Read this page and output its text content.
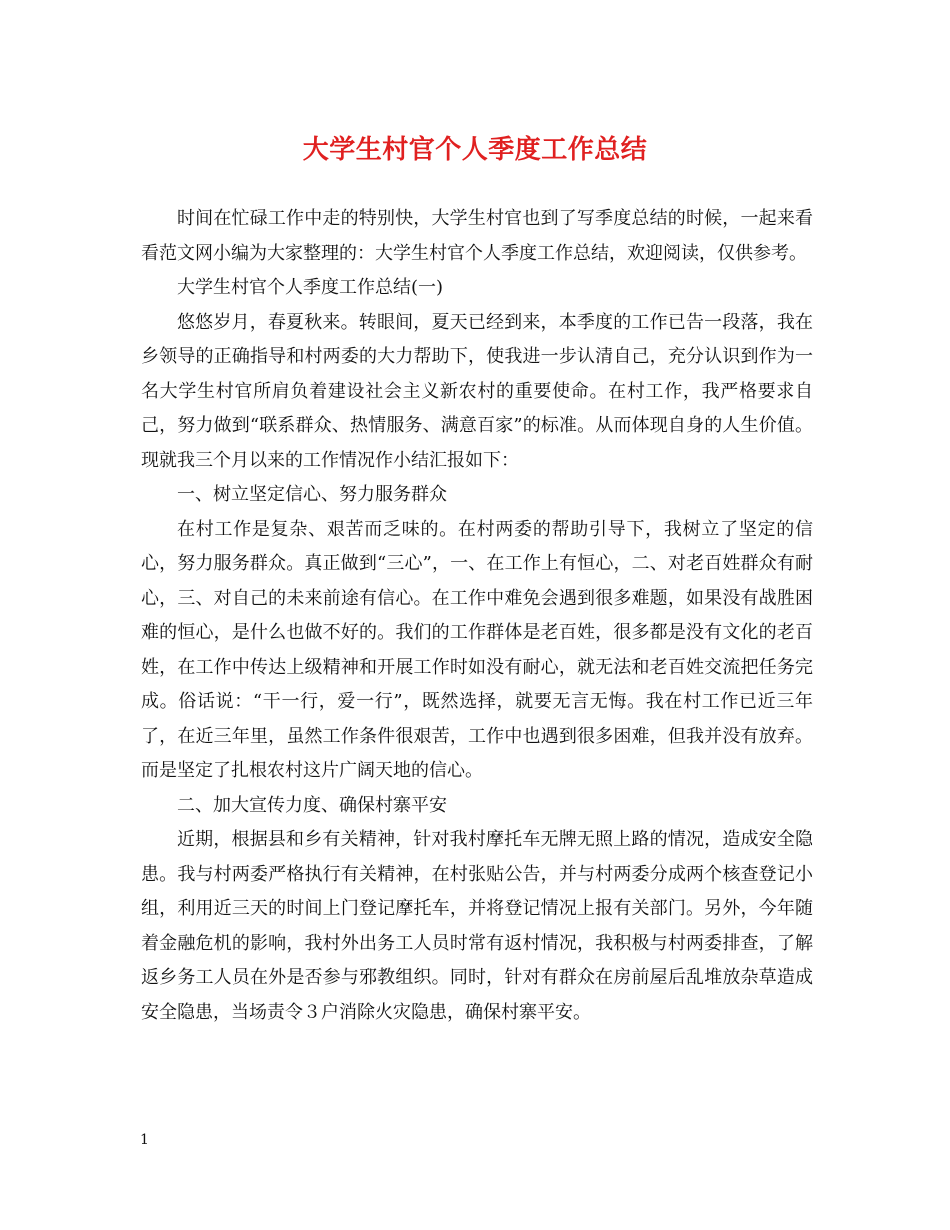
大学生村官个人季度工作总结

时间在忙碌工作中走的特别快，大学生村官也到了写季度总结的时候，一起来看看范文网小编为大家整理的：大学生村官个人季度工作总结，欢迎阅读，仅供参考。

大学生村官个人季度工作总结(一)

悠悠岁月，春夏秋来。转眼间，夏天已经到来，本季度的工作已告一段落，我在乡领导的正确指导和村两委的大力帮助下，使我进一步认清自己，充分认识到作为一名大学生村官所肩负着建设社会主义新农村的重要使命。在村工作，我严格要求自己，努力做到“联系群众、热情服务、满意百家”的标准。从而体现自身的人生价值。现就我三个月以来的工作情况作小结汇报如下：

一、树立坚定信心、努力服务群众

在村工作是复杂、艰苦而乏味的。在村两委的帮助引导下，我树立了坚定的信心，努力服务群众。真正做到“三心”，一、在工作上有恒心，二、对老百姓群众有耐心，三、对自己的未来前途有信心。在工作中难免会遇到很多难题，如果没有战胜困难的恒心，是什么也做不好的。我们的工作群体是老百姓，很多都是没有文化的老百姓，在工作中传达上级精神和开展工作时如没有耐心，就无法和老百姓交流把任务完成。俗话说：“干一行，爱一行”，既然选择，就要无言无悔。我在村工作已近三年了，在近三年里，虽然工作条件很艰苦，工作中也遇到很多困难，但我并没有放弃。而是坚定了扎根农村这片广阔天地的信心。

二、加大宣传力度、确保村寨平安

近期，根据县和乡有关精神，针对我村摩托车无牌无照上路的情况，造成安全隐患。我与村两委严格执行有关精神，在村张贴公告，并与村两委分成两个核查登记小组，利用近三天的时间上门登记摩托车，并将登记情况上报有关部门。另外，今年随着金融危机的影响，我村外出务工人员时常有返村情况，我积极与村两委排查，了解返乡务工人员在外是否参与邪教组织。同时，针对有群众在房前屋后乱堆放杂草造成安全隐患，当场责令３户消除火灾隐患，确保村寨平安。

1
